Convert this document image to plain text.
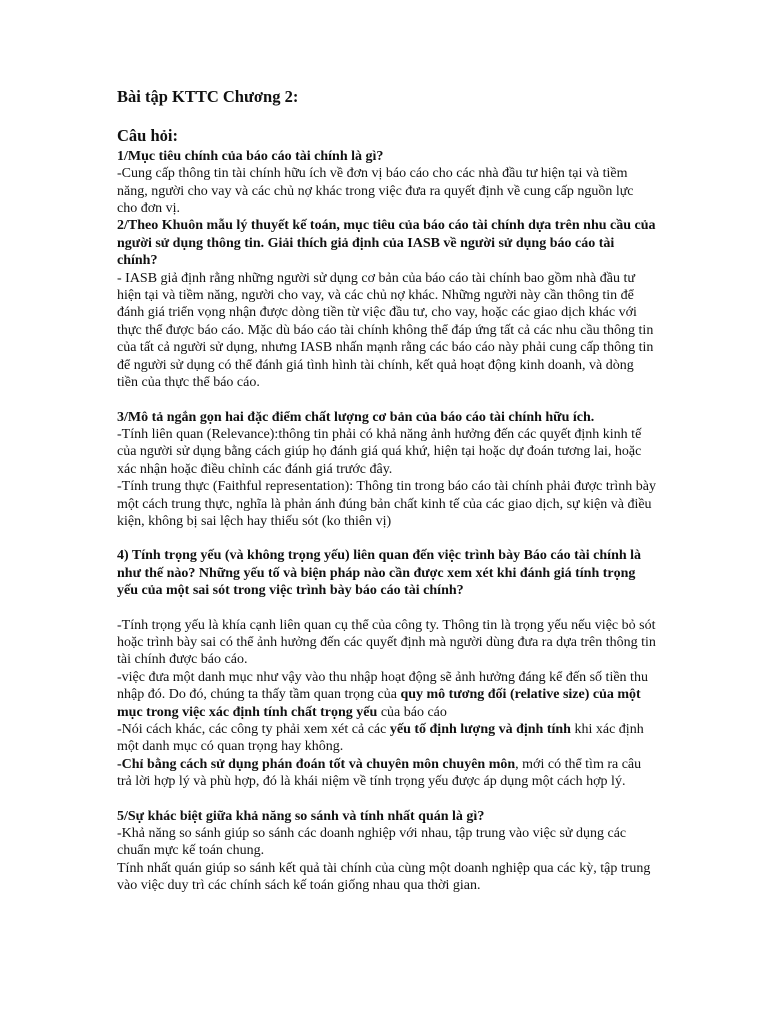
Bài tập KTTC Chương 2:
Câu hỏi:

1/Mục tiêu chính của báo cáo tài chính là gì?

-Cung cấp thông tin tài chính hữu ích về đơn vị báo cáo cho các nhà đầu tư hiện tại và tiềm năng, người cho vay và các chủ nợ khác trong việc đưa ra quyết định về cung cấp nguồn lực cho đơn vị.

2/Theo Khuôn mẫu lý thuyết kế toán, mục tiêu của báo cáo tài chính dựa trên nhu cầu của người sử dụng thông tin. Giải thích giả định của IASB về người sử dụng báo cáo tài chính?

- IASB giả định rằng những người sử dụng cơ bản của báo cáo tài chính bao gồm nhà đầu tư hiện tại và tiềm năng, người cho vay, và các chủ nợ khác. Những người này cần thông tin để đánh giá triển vọng nhận được dòng tiền từ việc đầu tư, cho vay, hoặc các giao dịch khác với thực thể được báo cáo. Mặc dù báo cáo tài chính không thể đáp ứng tất cả các nhu cầu thông tin của tất cả người sử dụng, nhưng IASB nhấn mạnh rằng các báo cáo này phải cung cấp thông tin để người sử dụng có thể đánh giá tình hình tài chính, kết quả hoạt động kinh doanh, và dòng tiền của thực thể báo cáo.

3/Mô tả ngắn gọn hai đặc điểm chất lượng cơ bản của báo cáo tài chính hữu ích.

-Tính liên quan (Relevance):thông tin phải có khả năng ảnh hưởng đến các quyết định kinh tế của người sử dụng bằng cách giúp họ đánh giá quá khứ, hiện tại hoặc dự đoán tương lai, hoặc xác nhận hoặc điều chỉnh các đánh giá trước đây.

-Tính trung thực (Faithful representation): Thông tin trong báo cáo tài chính phải được trình bày một cách trung thực, nghĩa là phản ánh đúng bản chất kinh tế của các giao dịch, sự kiện và điều kiện, không bị sai lệch hay thiếu sót (ko thiên vị)

4) Tính trọng yếu (và không trọng yếu) liên quan đến việc trình bày Báo cáo tài chính là như thế nào? Những yếu tố và biện pháp nào cần được xem xét khi đánh giá tính trọng yếu của một sai sót trong việc trình bày báo cáo tài chính?

-Tính trọng yếu là khía cạnh liên quan cụ thể của công ty. Thông tin là trọng yếu nếu việc bỏ sót hoặc trình bày sai có thể ảnh hưởng đến các quyết định mà người dùng đưa ra dựa trên thông tin tài chính được báo cáo.

-việc đưa một danh mục như vậy vào thu nhập hoạt động sẽ ảnh hưởng đáng kể đến số tiền thu nhập đó. Do đó, chúng ta thấy tầm quan trọng của quy mô tương đối (relative size) của một mục trong việc xác định tính chất trọng yếu của báo cáo

-Nói cách khác, các công ty phải xem xét cả các yếu tố định lượng và định tính khi xác định một danh mục có quan trọng hay không.

-Chỉ bằng cách sử dụng phán đoán tốt và chuyên môn chuyên môn, mới có thể tìm ra câu trả lời hợp lý và phù hợp, đó là khái niệm về tính trọng yếu được áp dụng một cách hợp lý.

5/Sự khác biệt giữa khả năng so sánh và tính nhất quán là gì?

-Khả năng so sánh giúp so sánh các doanh nghiệp với nhau, tập trung vào việc sử dụng các chuẩn mực kế toán chung.

Tính nhất quán giúp so sánh kết quả tài chính của cùng một doanh nghiệp qua các kỳ, tập trung vào việc duy trì các chính sách kế toán giống nhau qua thời gian.
